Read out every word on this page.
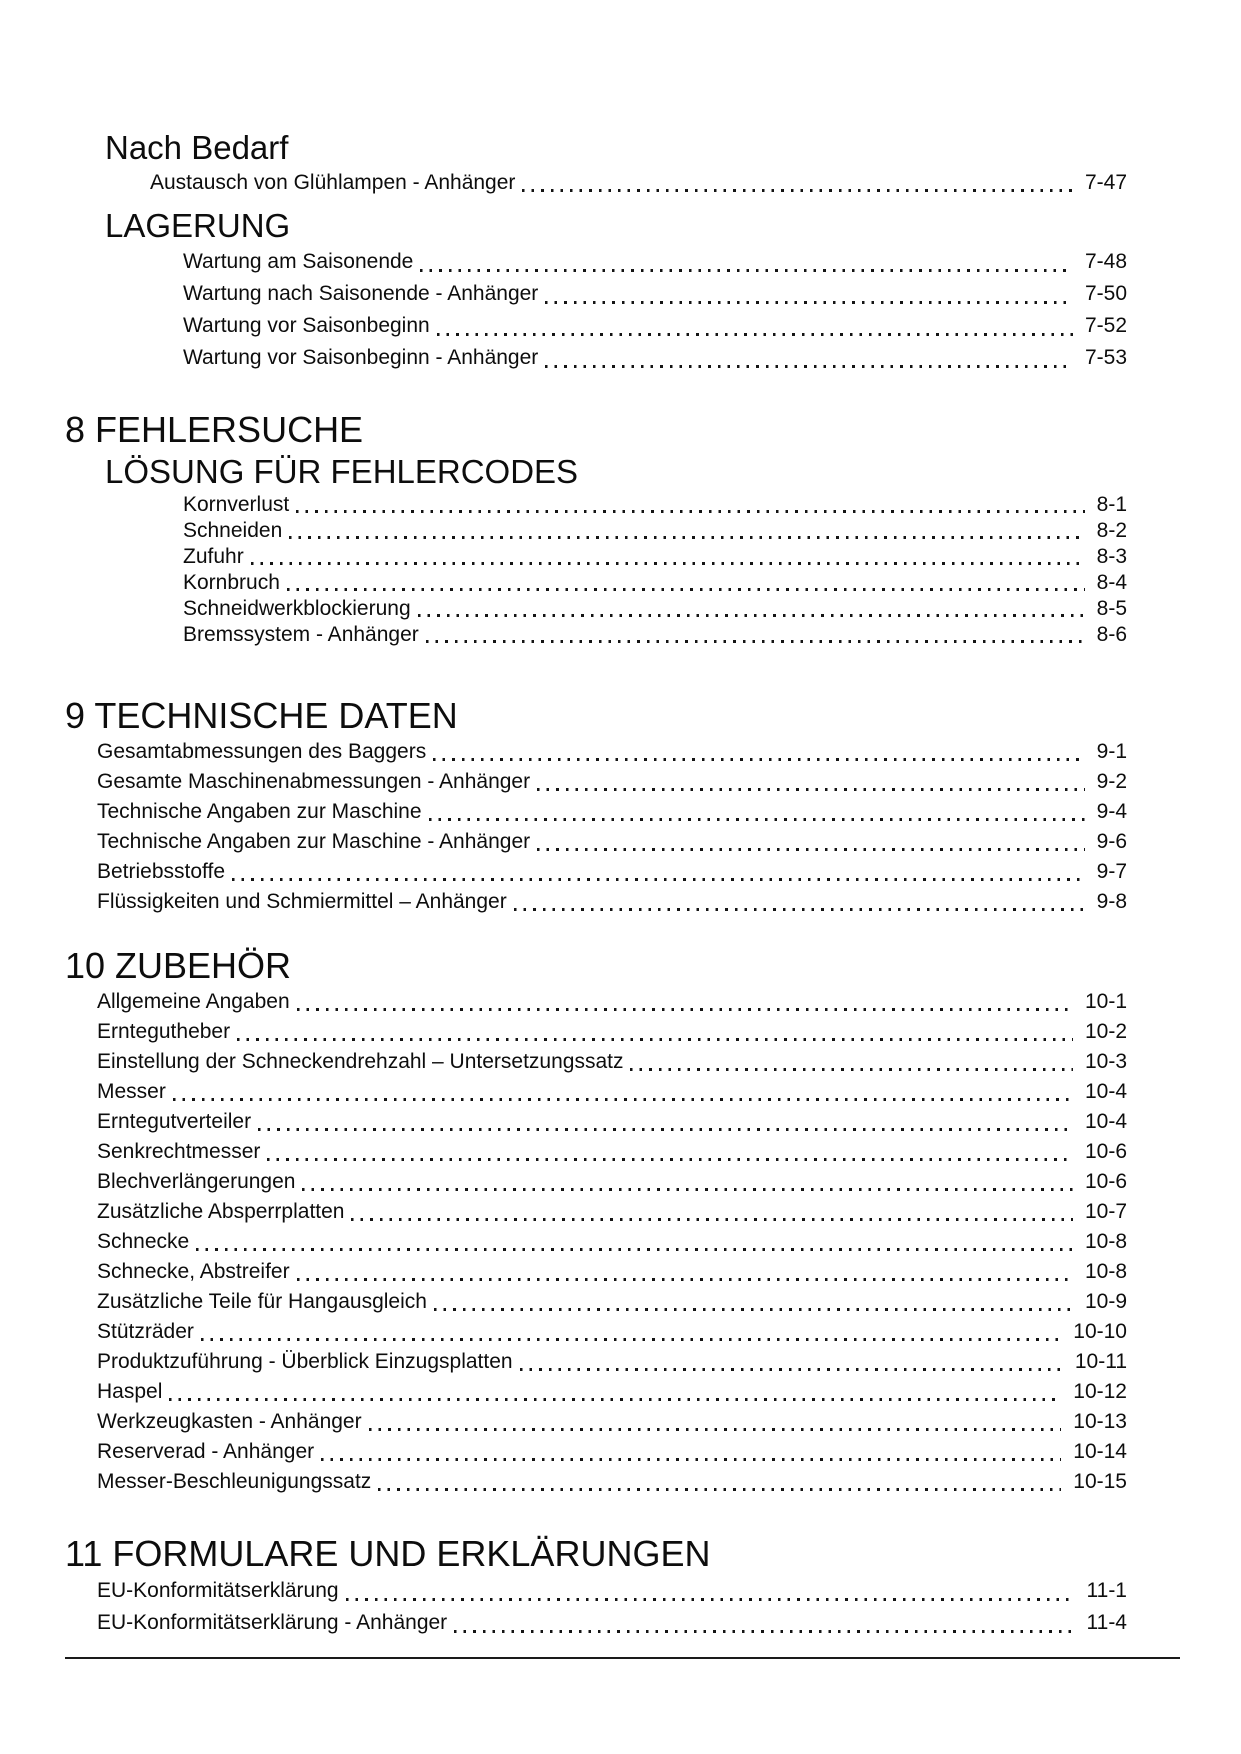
Nach Bedarf
Austausch von Glühlampen - Anhänger	7-47
LAGERUNG
Wartung am Saisonende	7-48
Wartung nach Saisonende - Anhänger	7-50
Wartung vor Saisonbeginn	7-52
Wartung vor Saisonbeginn - Anhänger	7-53
8 FEHLERSUCHE
LÖSUNG FÜR FEHLERCODES
Kornverlust	8-1
Schneiden	8-2
Zufuhr	8-3
Kornbruch	8-4
Schneidwerkblockierung	8-5
Bremssystem - Anhänger	8-6
9 TECHNISCHE DATEN
Gesamtabmessungen des Baggers	9-1
Gesamte Maschinenabmessungen - Anhänger	9-2
Technische Angaben zur Maschine	9-4
Technische Angaben zur Maschine - Anhänger	9-6
Betriebsstoffe	9-7
Flüssigkeiten und Schmiermittel – Anhänger	9-8
10 ZUBEHÖR
Allgemeine Angaben	10-1
Erntegutheber	10-2
Einstellung der Schneckendrehzahl – Untersetzungssatz	10-3
Messer	10-4
Erntegutverteiler	10-4
Senkrechtmesser	10-6
Blechverlängerungen	10-6
Zusätzliche Absperrplatten	10-7
Schnecke	10-8
Schnecke, Abstreifer	10-8
Zusätzliche Teile für Hangausgleich	10-9
Stützräder	10-10
Produktzuführung - Überblick Einzugsplatten	10-11
Haspel	10-12
Werkzeugkasten - Anhänger	10-13
Reserverad - Anhänger	10-14
Messer-Beschleunigungssatz	10-15
11 FORMULARE UND ERKLÄRUNGEN
EU-Konformitätserklärung	11-1
EU-Konformitätserklärung - Anhänger	11-4
